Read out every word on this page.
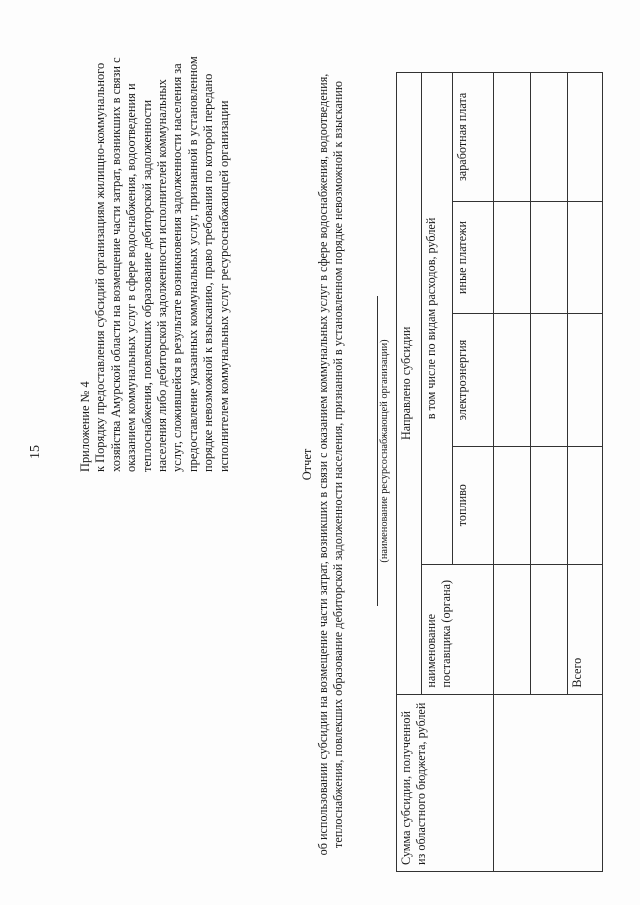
15	Приложение № 4 к Порядку предоставления субсидий организациям жилищно-коммунального хозяйства Амурской области на возмещение части затрат, возникших в связи с оказанием коммунальных услуг в сфере водоснабжения, водоотведения и теплоснабжения, повлекших образование дебиторской задолженности населения либо дебиторской задолженности исполнителей коммунальных услуг, сложившейся в результате возникновения задолженности населения за предоставление указанных коммунальных услуг, признанной в установленном порядке невозможной к взысканию, право требования по которой передано исполнителем коммунальных услуг ресурсоснабжающей организации	Отчет об использовании субсидии на возмещение части затрат, возникших в связи с оказанием коммунальных услуг в сфере водоснабжения, водоотведения, теплоснабжения, повлекших образование дебиторской задолженности населения, признанной в установленном порядке невозможной к взысканию	(наименование ресурсоснабжающей организации)
Сумма субсидии, полученной из областного бюджета, рублей	Направлено субсидии				
	наименование поставщика (органа)	в том числе по видам расходов, рублей			
		топливо	электроэнергия	иные платежи	заработная плата

	Всего				
